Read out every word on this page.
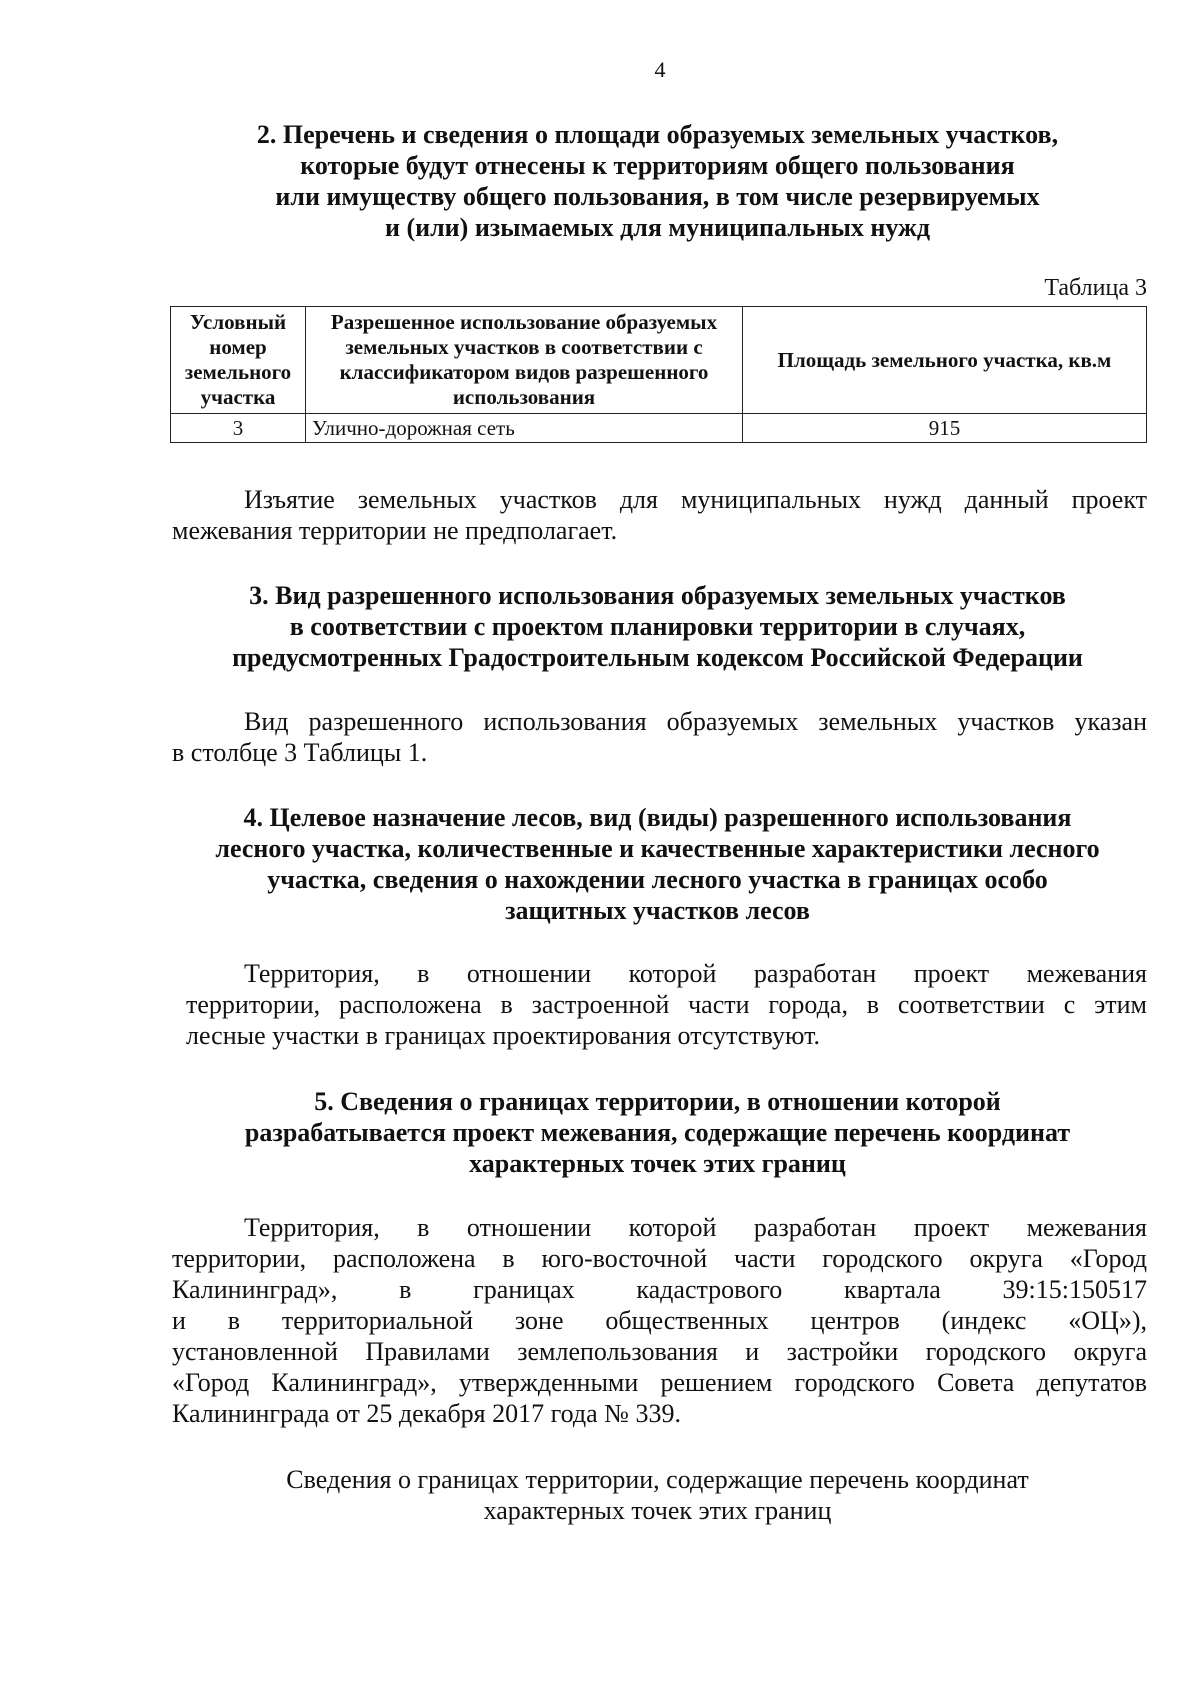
4
2. Перечень и сведения о площади образуемых земельных участков,
которые будут отнесены к территориям общего пользования
или имуществу общего пользования, в том числе резервируемых
и (или) изымаемых для муниципальных нужд
Таблица 3
Условный номер земельного участка	Разрешенное использование образуемых земельных участков в соответствии с классификатором видов разрешенного использования	Площадь земельного участка, кв.м
3	Улично-дорожная сеть	915

Изъятие земельных участков для муниципальных нужд данный проект
межевания территории не предполагает.

3. Вид разрешенного использования образуемых земельных участков
в соответствии с проектом планировки территории в случаях,
предусмотренных Градостроительным кодексом Российской Федерации

Вид разрешенного использования образуемых земельных участков указан
в столбце 3 Таблицы 1.

4. Целевое назначение лесов, вид (виды) разрешенного использования
лесного участка, количественные и качественные характеристики лесного
участка, сведения о нахождении лесного участка в границах особо
защитных участков лесов

Территория, в отношении которой разработан проект межевания
территории, расположена в застроенной части города, в соответствии с этим
лесные участки в границах проектирования отсутствуют.

5. Сведения о границах территории, в отношении которой
разрабатывается проект межевания, содержащие перечень координат
характерных точек этих границ

Территория, в отношении которой разработан проект межевания
территории, расположена в юго-восточной части городского округа «Город
Калининград», в границах кадастрового квартала 39:15:150517
и в территориальной зоне общественных центров (индекс «ОЦ»),
установленной Правилами землепользования и застройки городского округа
«Город Калининград», утвержденными решением городского Совета депутатов
Калининграда от 25 декабря 2017 года № 339.

Сведения о границах территории, содержащие перечень координат
характерных точек этих границ
